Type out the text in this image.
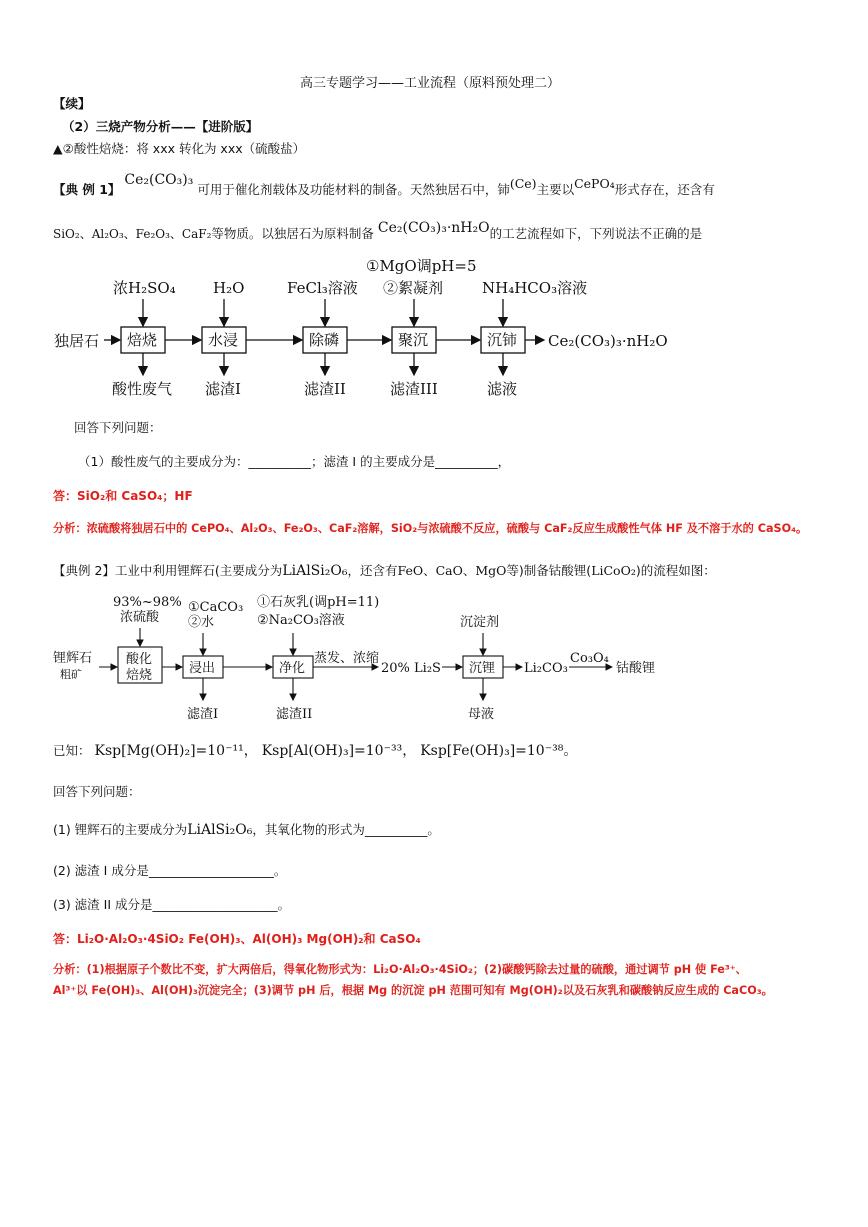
高三专题学习——工业流程（原料预处理二）
【续】
（2）三烧产物分析——【进阶版】
▲②酸性焙烧：将 xxx 转化为 xxx（硫酸盐）
【典 例 1】 Ce₂(CO₃)₃ 可用于催化剂载体及功能材料的制备。天然独居石中，铈(Ce)主要以CePO₄形式存在，还含有
SiO₂、Al₂O₃、Fe₂O₃、CaF₂等物质。以独居石为原料制备 Ce₂(CO₃)₃·nH₂O的工艺流程如下，下列说法不正确的是
独居石 焙烧	水浸	除磷	聚沉	沉铈
浓H₂SO₄ H₂O	FeCl₃溶液
①MgO调pH=5
②絮凝剂	NH₄HCO₃溶液
Ce₂(CO₃)₃·nH₂O
酸性废气 滤渣I	滤渣II	滤渣III	滤液
回答下列问题：
（1）酸性废气的主要成分为：__________；滤渣 I 的主要成分是__________，
答：SiO₂和 CaSO₄；HF
分析：浓硫酸将独居石中的 CePO₄、Al₂O₃、Fe₂O₃、CaF₂溶解，SiO₂与浓硫酸不反应，硫酸与 CaF₂反应生成酸性气体 HF 及不溶于水的 CaSO₄。
【典例 2】工业中利用锂辉石(主要成分为LiAlSi₂O₆，还含有FeO、CaO、MgO等)制备钴酸锂(LiCoO₂)的流程如图：
锂辉石
粗矿
酸化
焙烧	浸出	净化	沉锂
93%~98%
浓硫酸
①CaCO₃
②水
①石灰乳(调pH=11)
②Na₂CO₃溶液	沉淀剂
蒸发、浓缩
20% Li₂S	Li₂CO₃
Co₃O₄
钴酸锂
滤渣I	滤渣II	母液
已知： Ksp[Mg(OH)₂]=10⁻¹¹， Ksp[Al(OH)₃]=10⁻³³， Ksp[Fe(OH)₃]=10⁻³⁸。
回答下列问题：
(1) 锂辉石的主要成分为LiAlSi₂O₆，其氧化物的形式为__________。
(2) 滤渣 I 成分是____________________。
(3) 滤渣 II 成分是____________________。
答：Li₂O·Al₂O₃·4SiO₂ Fe(OH)₃、Al(OH)₃ Mg(OH)₂和 CaSO₄
分析：(1)根据原子个数比不变，扩大两倍后，得氧化物形式为：Li₂O·Al₂O₃·4SiO₂；(2)碳酸钙除去过量的硫酸，通过调节 pH 使 Fe³⁺、
Al³⁺以 Fe(OH)₃、Al(OH)₃沉淀完全；(3)调节 pH 后，根据 Mg 的沉淀 pH 范围可知有 Mg(OH)₂以及石灰乳和碳酸钠反应生成的 CaCO₃。
